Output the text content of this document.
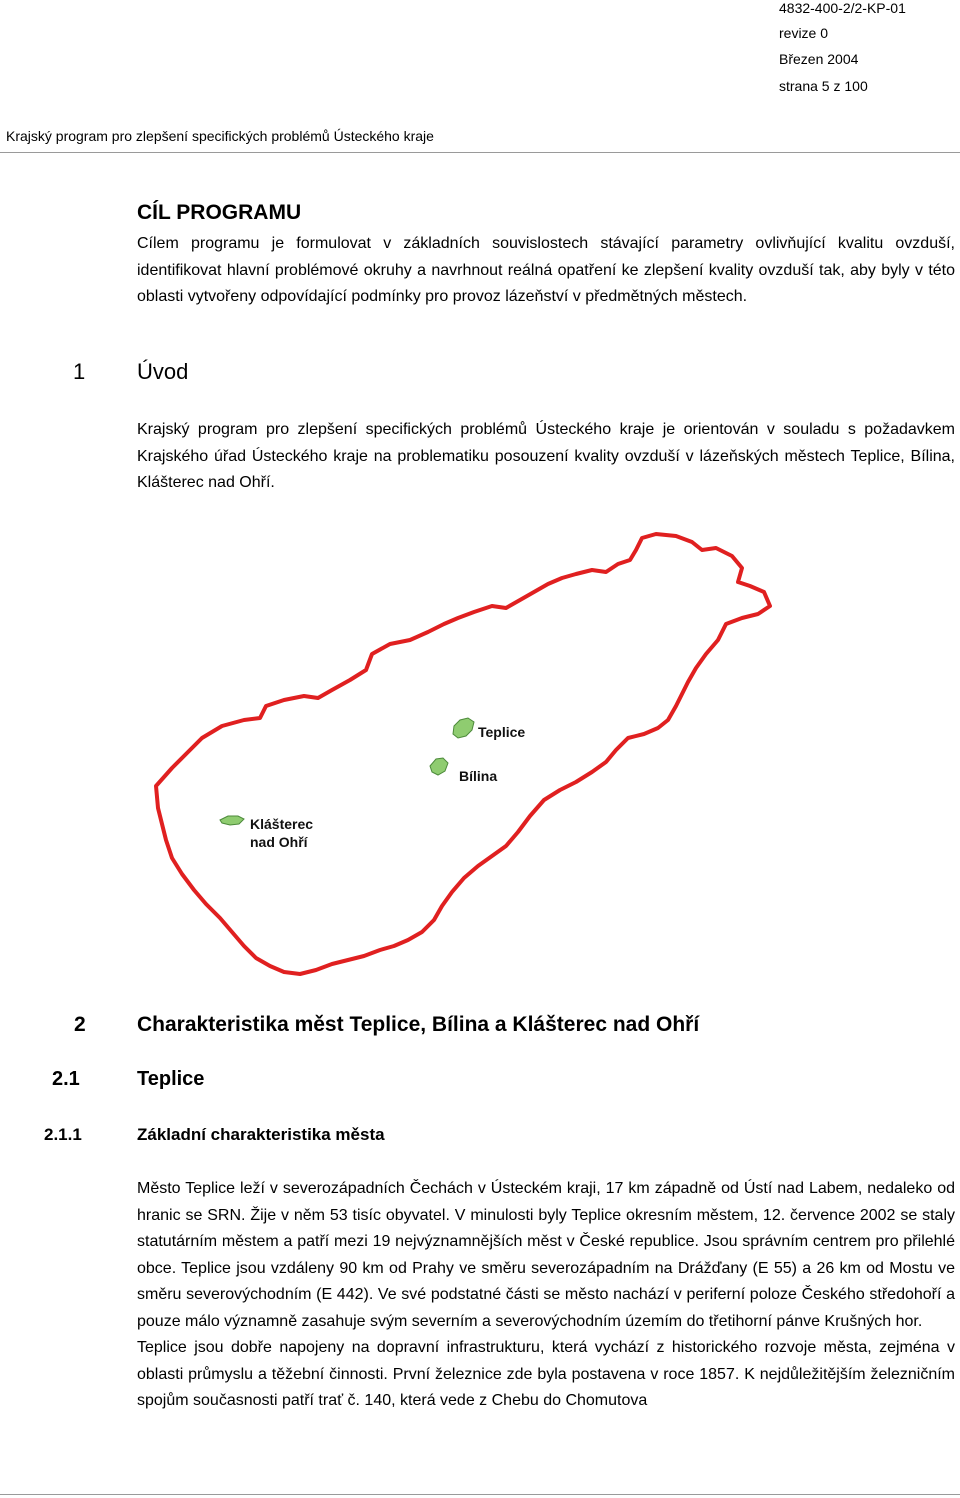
4832-400-2/2-KP-01
revize 0
Březen 2004
strana 5 z 100
Krajský program pro zlepšení specifických problémů Ústeckého kraje
CÍL PROGRAMU

Cílem programu je formulovat v základních souvislostech stávající parametry ovlivňující kvalitu ovzduší, identifikovat hlavní problémové okruhy a navrhnout reálná opatření ke zlepšení kvality ovzduší tak, aby byly v této oblasti vytvořeny odpovídající podmínky pro provoz lázeňství v předmětných městech.

1 Úvod

Krajský program pro zlepšení specifických problémů Ústeckého kraje je orientován v souladu s požadavkem Krajského úřad Ústeckého kraje na problematiku posouzení kvality ovzduší v lázeňských městech Teplice, Bílina, Klášterec nad Ohří.

Teplice
Bílina
Klášterec
nad Ohří
2 Charakteristika měst Teplice, Bílina a Klášterec nad Ohří
2.1	Teplice
2.1.1	Základní charakteristika města

Město Teplice leží v severozápadních Čechách v Ústeckém kraji, 17 km západně od Ústí nad Labem, nedaleko od hranic se SRN. Žije v něm 53 tisíc obyvatel. V minulosti byly Teplice okresním městem, 12. července 2002 se staly statutárním městem a patří mezi 19 nejvýznamnějších měst v České republice. Jsou správním centrem pro přilehlé obce. Teplice jsou vzdáleny 90 km od Prahy ve směru severozápadním na Drážďany (E 55) a 26 km od Mostu ve směru severovýchodním (E 442). Ve své podstatné části se město nachází v periferní poloze Českého středohoří a pouze málo významně zasahuje svým severním a severovýchodním územím do třetihorní pánve Krušných hor.

Teplice jsou dobře napojeny na dopravní infrastrukturu, která vychází z historického rozvoje města, zejména v oblasti průmyslu a těžební činnosti. První železnice zde byla postavena v roce 1857. K nejdůležitějším železničním spojům současnosti patří trať č. 140, která vede z Chebu do Chomutova
